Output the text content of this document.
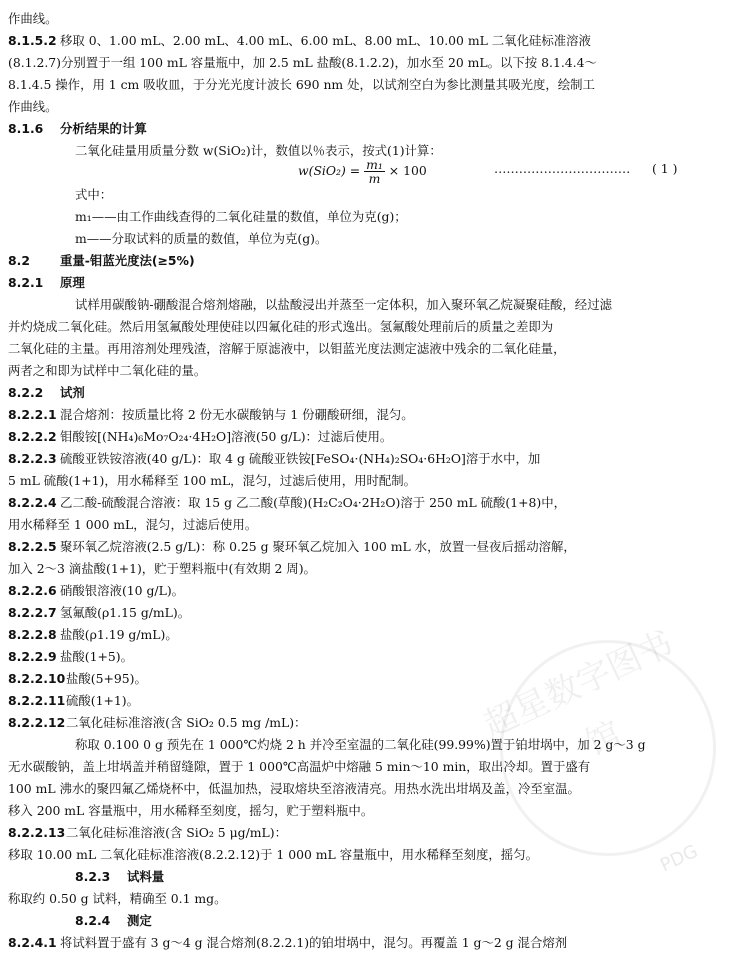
作曲线。
8.1.5.2 移取 0、1.00 mL、2.00 mL、4.00 mL、6.00 mL、8.00 mL、10.00 mL 二氧化硅标准溶液
(8.1.2.7)分别置于一组 100 mL 容量瓶中，加 2.5 mL 盐酸(8.1.2.2)，加水至 20 mL。以下按 8.1.4.4～
8.1.4.5 操作，用 1 cm 吸收皿，于分光光度计波长 690 nm 处，以试剂空白为参比测量其吸光度，绘制工
作曲线。
8.1.6 分析结果的计算
二氧化硅量用质量分数 w(SiO₂)计，数值以％表示，按式(1)计算：
$w(SiO_2) = \frac{\text{m₁}}{m} \times 100$	…………………………… ( 1 )
式中：
m₁——由工作曲线查得的二氧化硅量的数值，单位为克(g)；
m——分取试料的质量的数值，单位为克(g)。
8.2 重量-钼蓝光度法(≥5%)
8.2.1 原理
试样用碳酸钠-硼酸混合熔剂熔融，以盐酸浸出并蒸至一定体积，加入聚环氧乙烷凝聚硅酸，经过滤
并灼烧成二氧化硅。然后用氢氟酸处理使硅以四氟化硅的形式逸出。氢氟酸处理前后的质量之差即为
二氧化硅的主量。再用溶剂处理残渣，溶解于原滤液中，以钼蓝光度法测定滤液中残余的二氧化硅量，
两者之和即为试样中二氧化硅的量。
8.2.2 试剂
8.2.2.1 混合熔剂：按质量比将 2 份无水碳酸钠与 1 份硼酸研细，混匀。
8.2.2.2 钼酸铵[(NH₄)₆Mo₇O₂₄·4H₂O]溶液(50 g/L)：过滤后使用。
8.2.2.3 硫酸亚铁铵溶液(40 g/L)：取 4 g 硫酸亚铁铵[FeSO₄·(NH₄)₂SO₄·6H₂O]溶于水中，加
5 mL 硫酸(1+1)，用水稀释至 100 mL，混匀，过滤后使用，用时配制。
8.2.2.4 乙二酸-硫酸混合溶液：取 15 g 乙二酸(草酸)(H₂C₂O₄·2H₂O)溶于 250 mL 硫酸(1+8)中，
用水稀释至 1 000 mL，混匀，过滤后使用。
8.2.2.5 聚环氧乙烷溶液(2.5 g/L)：称 0.25 g 聚环氧乙烷加入 100 mL 水，放置一昼夜后摇动溶解，
加入 2～3 滴盐酸(1+1)，贮于塑料瓶中(有效期 2 周)。
8.2.2.6 硝酸银溶液(10 g/L)。
8.2.2.7 氢氟酸(ρ1.15 g/mL)。
8.2.2.8 盐酸(ρ1.19 g/mL)。
8.2.2.9 盐酸(1+5)。
8.2.2.10盐酸(5+95)。
8.2.2.11硫酸(1+1)。
8.2.2.12二氧化硅标准溶液(含 SiO₂ 0.5 mg /mL)：
称取 0.100 0 g 预先在 1 000℃灼烧 2 h 并冷至室温的二氧化硅(99.99%)置于铂坩埚中，加 2 g～3 g
无水碳酸钠，盖上坩埚盖并稍留缝隙，置于 1 000℃高温炉中熔融 5 min～10 min，取出冷却。置于盛有
100 mL 沸水的聚四氟乙烯烧杯中，低温加热，浸取熔块至溶液清亮。用热水洗出坩埚及盖，冷至室温。
移入 200 mL 容量瓶中，用水稀释至刻度，摇匀，贮于塑料瓶中。
8.2.2.13二氧化硅标准溶液(含 SiO₂ 5 μg/mL)：
移取 10.00 mL 二氧化硅标准溶液(8.2.2.12)于 1 000 mL 容量瓶中，用水稀释至刻度，摇匀。
8.2.3 试料量
称取约 0.50 g 试料，精确至 0.1 mg。
8.2.4 测定
8.2.4.1 将试料置于盛有 3 g～4 g 混合熔剂(8.2.2.1)的铂坩埚中，混匀。再覆盖 1 g～2 g 混合熔剂
超星数字图书馆
PDG
